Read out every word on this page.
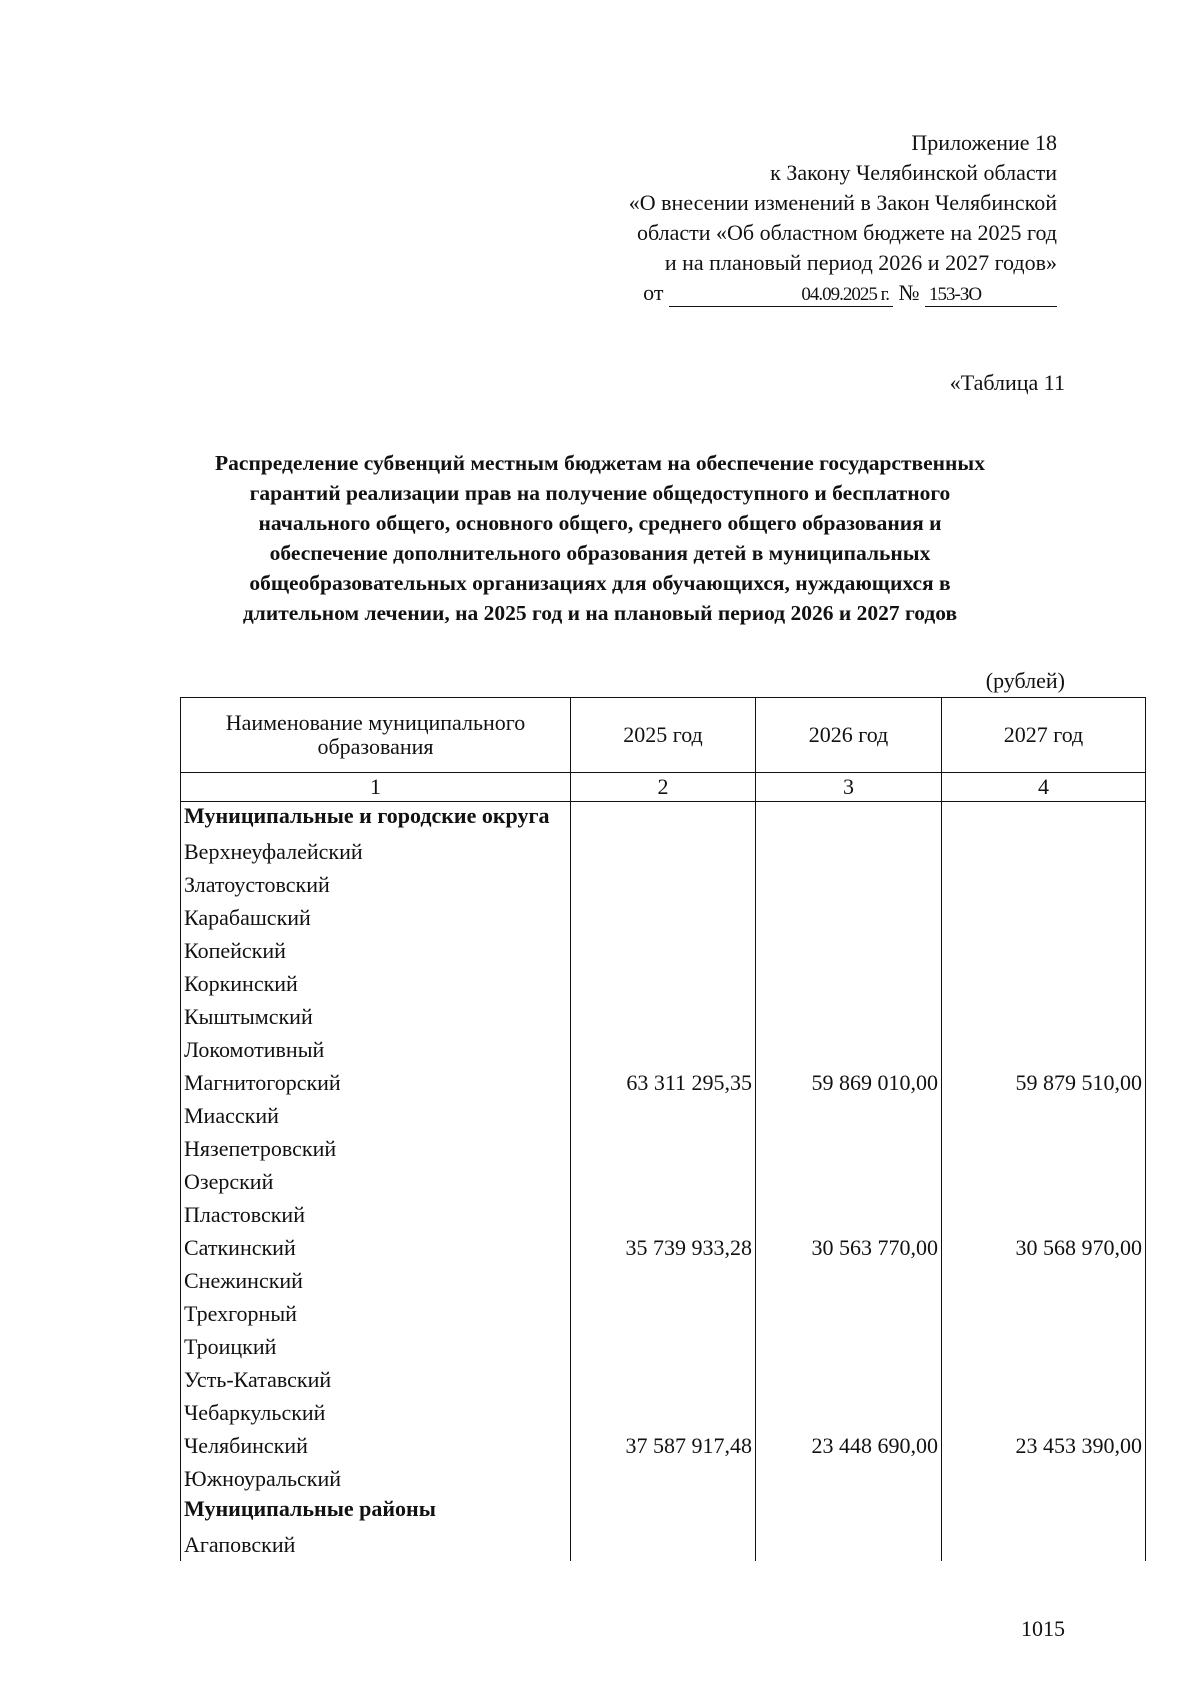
Приложение 18
к Закону Челябинской области
«О внесении изменений в Закон Челябинской
области «Об областном бюджете на 2025 год
и на плановый период 2026 и 2027 годов»
от	04.09.2025 г. № 153-ЗО
«Таблица 11
Распределение субвенций местным бюджетам на обеспечение государственных
гарантий реализации прав на получение общедоступного и бесплатного
начального общего, основного общего, среднего общего образования и
обеспечение дополнительного образования детей в муниципальных
общеобразовательных организациях для обучающихся, нуждающихся в
длительном лечении, на 2025 год и на плановый период 2026 и 2027 годов
(рублей)
Наименование муниципального образования	2025 год	2026 год	2027 год
1	2	3	4
Муниципальные и городские округа			
Верхнеуфалейский			
Златоустовский			
Карабашский			
Копейский			
Коркинский			
Кыштымский			
Локомотивный			
Магнитогорский	63 311 295,35	59 869 010,00	59 879 510,00
Миасский			
Нязепетровский			
Озерский			
Пластовский			
Саткинский	35 739 933,28	30 563 770,00	30 568 970,00
Снежинский			
Трехгорный			
Троицкий			
Усть-Катавский			
Чебаркульский			
Челябинский	37 587 917,48	23 448 690,00	23 453 390,00
Южноуральский			
Муниципальные районы			
Агаповский			
1015
